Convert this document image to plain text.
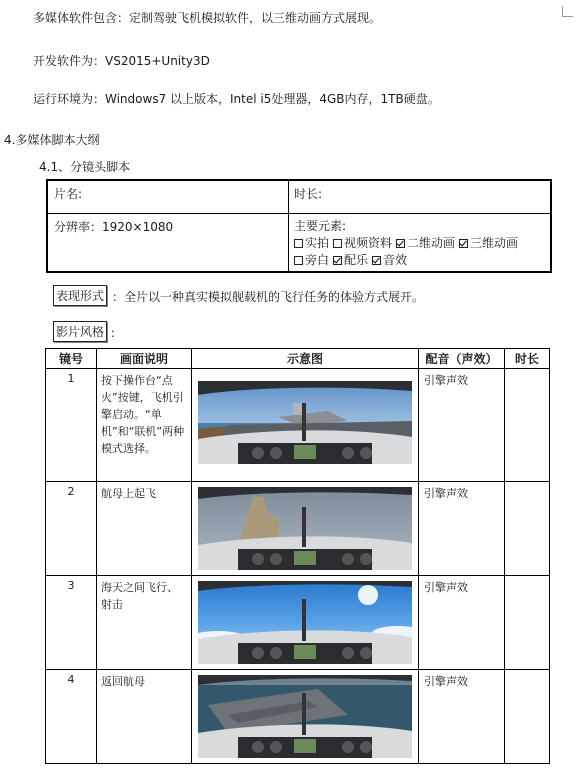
多媒体软件包含：定制驾驶飞机模拟软件，以三维动画方式展现。
开发软件为：VS2015+Unity3D
运行环境为：Windows7 以上版本，Intel i5处理器，4GB内存，1TB硬盘。
4.多媒体脚本大纲
4.1、分镜头脚本
片名:	时长:
分辨率：1920×1080	主要元素:
实拍 视频资料 二维动画 三维动画
旁白 配乐 音效
表现形式 ：全片以一种真实模拟舰载机的飞行任务的体验方式展开。
影片风格 ：
镜号	画面说明	示意图	配音（声效）	时长
1	按下操作台“点火”按键，飞机引擎启动。“单机”和“联机”两种模式选择。		引擎声效	
2	航母上起飞		引擎声效	
3	海天之间飞行、射击		引擎声效	
4	返回航母		引擎声效	
